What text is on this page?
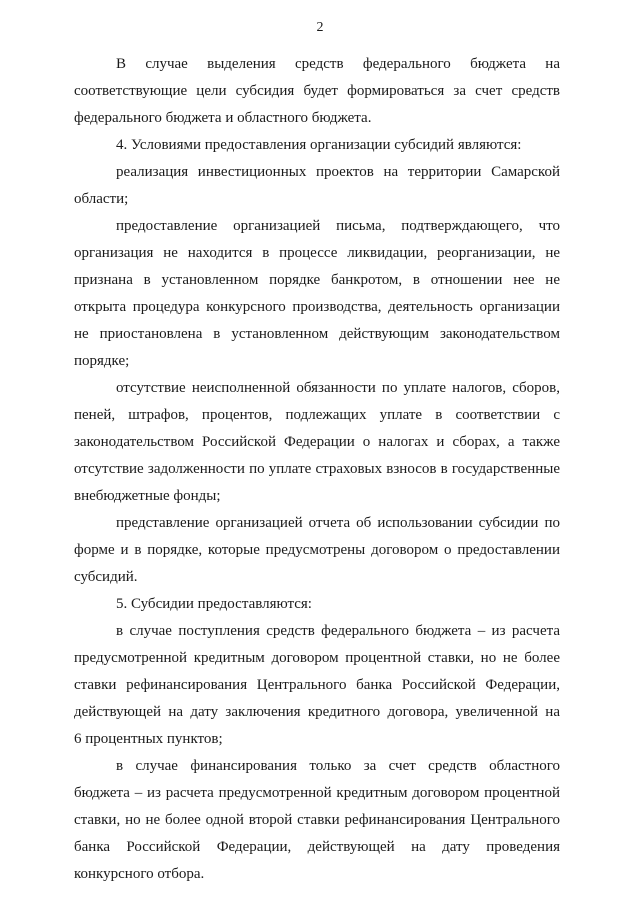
2
В случае выделения средств федерального бюджета на
соответствующие цели субсидия будет формироваться за счет средств
федерального бюджета и областного бюджета.
4. Условиями предоставления организации субсидий являются:
реализация инвестиционных проектов на территории Самарской
области;
предоставление организацией письма, подтверждающего, что
организация не находится в процессе ликвидации, реорганизации, не
признана в установленном порядке банкротом, в отношении нее не
открыта процедура конкурсного производства, деятельность организации
не приостановлена в установленном действующим законодательством
порядке;
отсутствие неисполненной обязанности по уплате налогов, сборов,
пеней, штрафов, процентов, подлежащих уплате в соответствии с
законодательством Российской Федерации о налогах и сборах, а также
отсутствие задолженности по уплате страховых взносов в государственные
внебюджетные фонды;
представление организацией отчета об использовании субсидии по
форме и в порядке, которые предусмотрены договором о предоставлении
субсидий.
5. Субсидии предоставляются:
в случае поступления средств федерального бюджета – из расчета
предусмотренной кредитным договором процентной ставки, но не более
ставки рефинансирования Центрального банка Российской Федерации,
действующей на дату заключения кредитного договора, увеличенной на
6 процентных пунктов;
в случае финансирования только за счет средств областного
бюджета – из расчета предусмотренной кредитным договором процентной
ставки, но не более одной второй ставки рефинансирования Центрального
банка Российской Федерации, действующей на дату проведения
конкурсного отбора.
